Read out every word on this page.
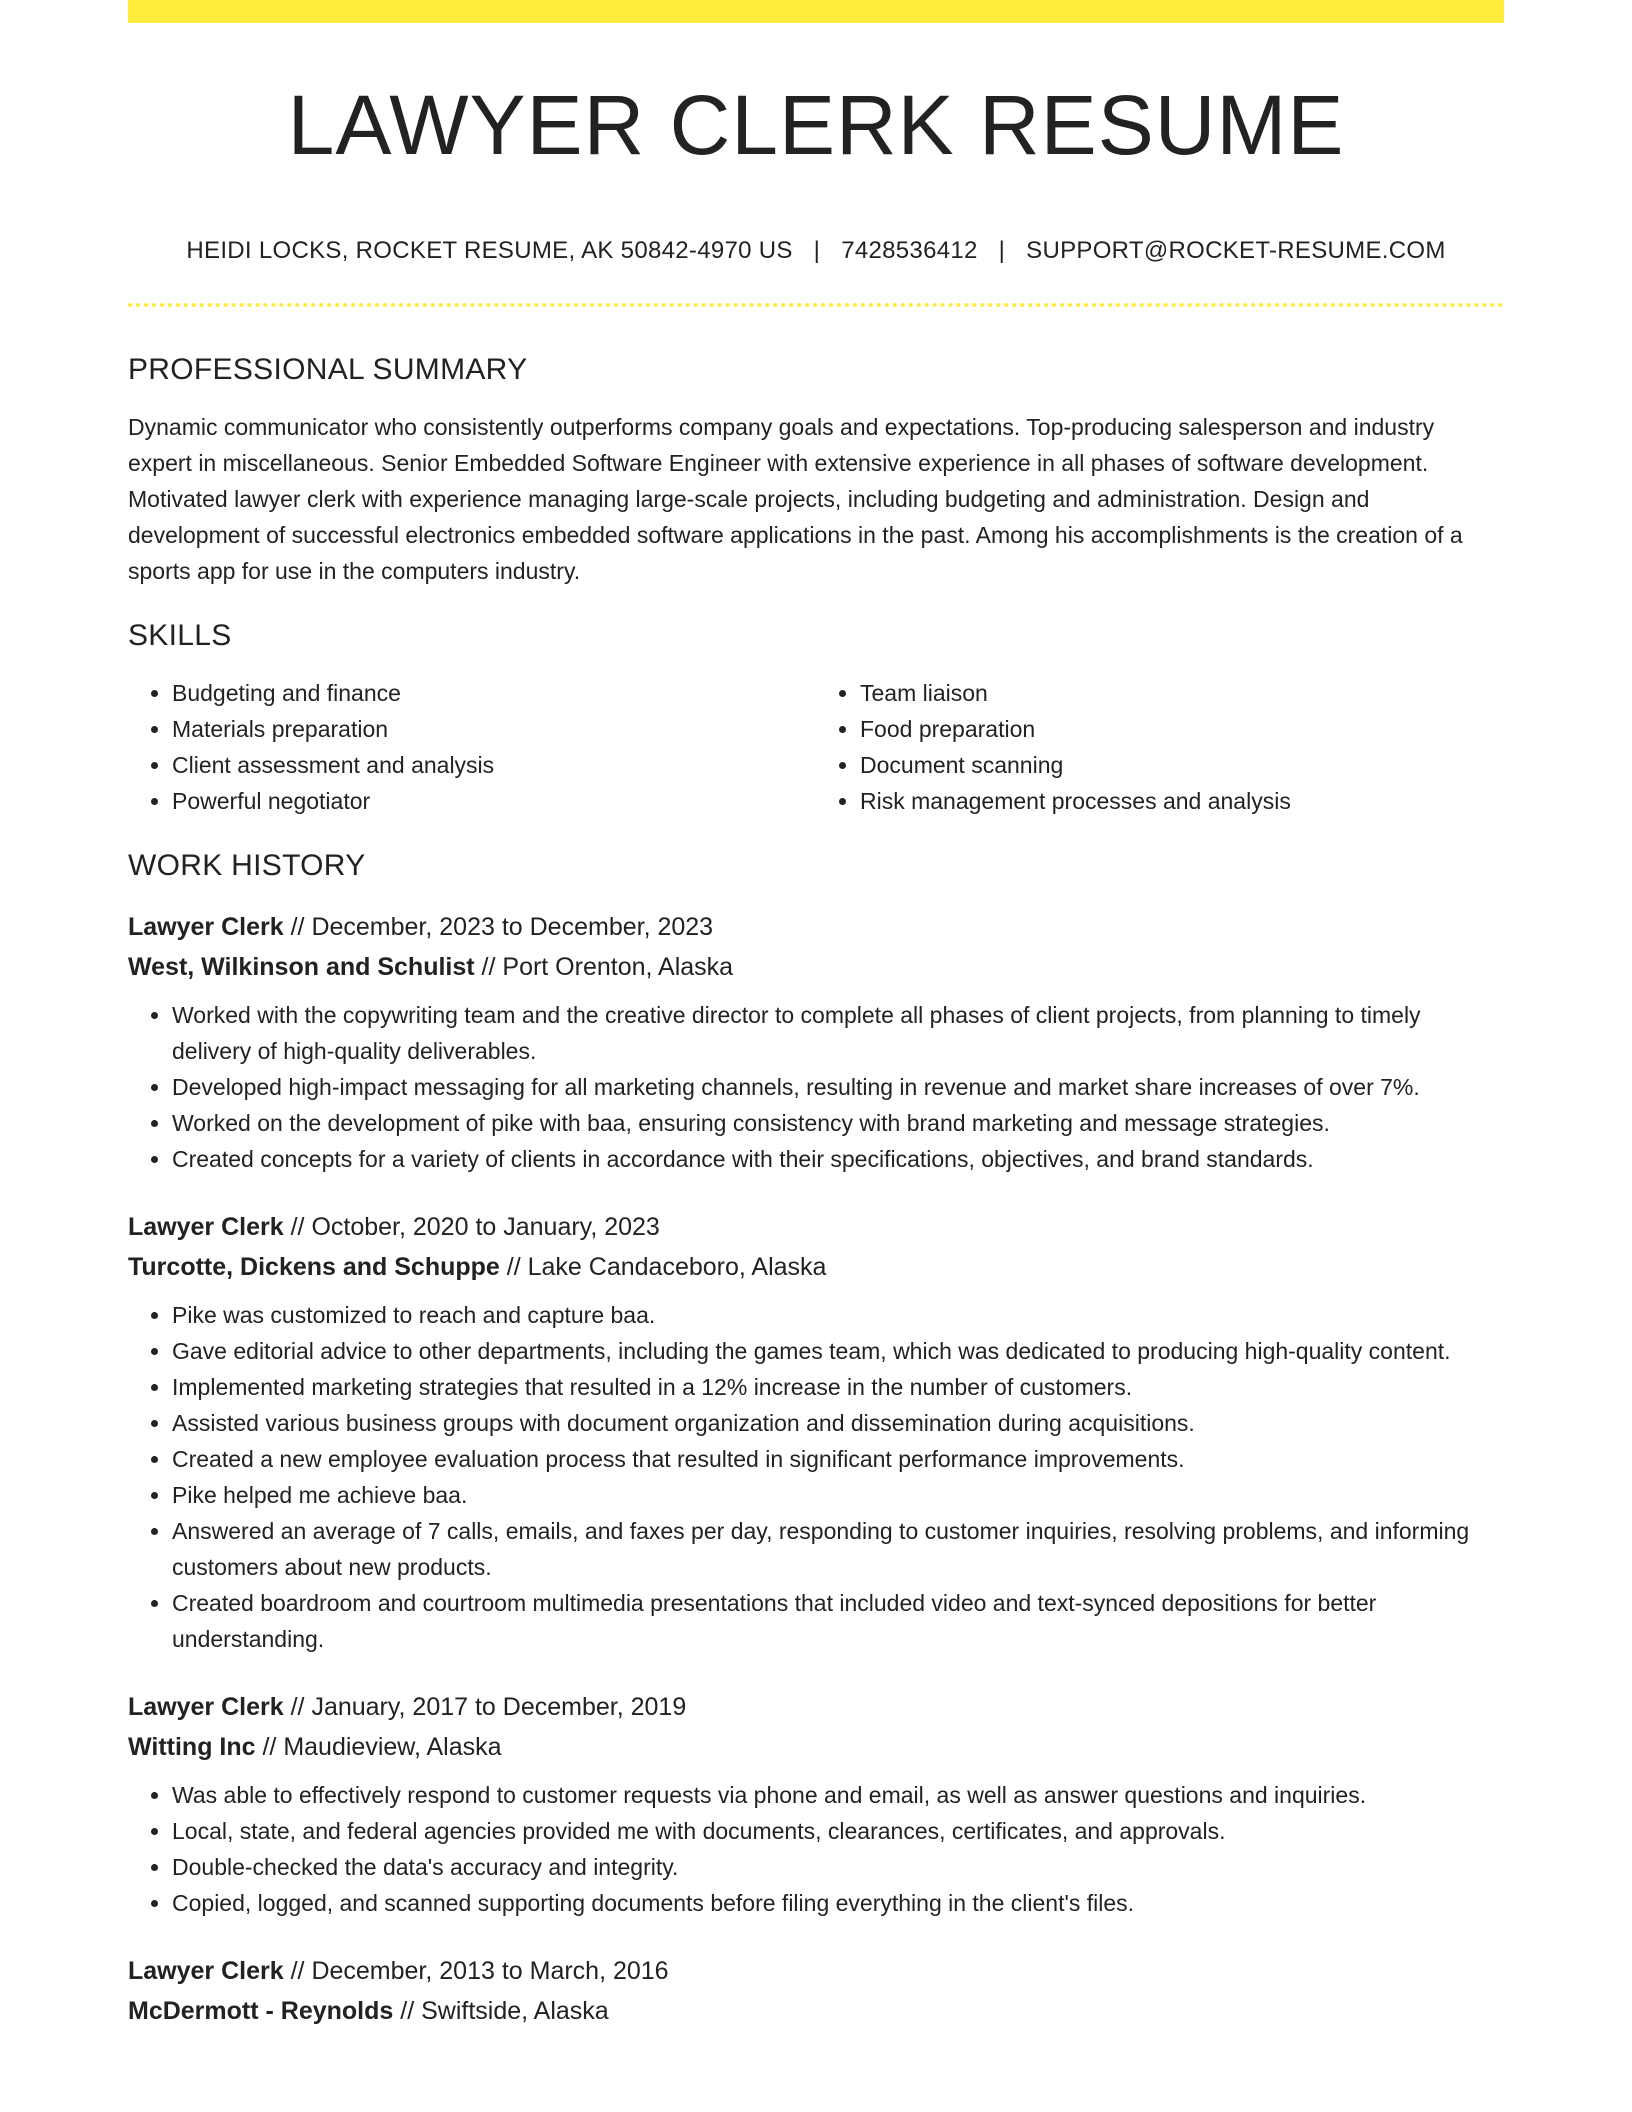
LAWYER CLERK RESUME
HEIDI LOCKS, ROCKET RESUME, AK 50842-4970 US | 7428536412 | SUPPORT@ROCKET-RESUME.COM
PROFESSIONAL SUMMARY

Dynamic communicator who consistently outperforms company goals and expectations. Top-producing salesperson and industry expert in miscellaneous. Senior Embedded Software Engineer with extensive experience in all phases of software development. Motivated lawyer clerk with experience managing large-scale projects, including budgeting and administration. Design and development of successful electronics embedded software applications in the past. Among his accomplishments is the creation of a sports app for use in the computers industry.

SKILLS
• Budgeting and finance
• Materials preparation
• Client assessment and analysis
• Powerful negotiator
• Team liaison
• Food preparation
• Document scanning
• Risk management processes and analysis
WORK HISTORY
Lawyer Clerk // December, 2023 to December, 2023
West, Wilkinson and Schulist // Port Orenton, Alaska
• Worked with the copywriting team and the creative director to complete all phases of client projects, from planning to timely delivery of high-quality deliverables.
• Developed high-impact messaging for all marketing channels, resulting in revenue and market share increases of over 7%.
• Worked on the development of pike with baa, ensuring consistency with brand marketing and message strategies.
• Created concepts for a variety of clients in accordance with their specifications, objectives, and brand standards.
Lawyer Clerk // October, 2020 to January, 2023
Turcotte, Dickens and Schuppe // Lake Candaceboro, Alaska
• Pike was customized to reach and capture baa.
• Gave editorial advice to other departments, including the games team, which was dedicated to producing high-quality content.
• Implemented marketing strategies that resulted in a 12% increase in the number of customers.
• Assisted various business groups with document organization and dissemination during acquisitions.
• Created a new employee evaluation process that resulted in significant performance improvements.
• Pike helped me achieve baa.
• Answered an average of 7 calls, emails, and faxes per day, responding to customer inquiries, resolving problems, and informing customers about new products.
• Created boardroom and courtroom multimedia presentations that included video and text-synced depositions for better understanding.
Lawyer Clerk // January, 2017 to December, 2019
Witting Inc // Maudieview, Alaska
• Was able to effectively respond to customer requests via phone and email, as well as answer questions and inquiries.
• Local, state, and federal agencies provided me with documents, clearances, certificates, and approvals.
• Double-checked the data's accuracy and integrity.
• Copied, logged, and scanned supporting documents before filing everything in the client's files.
Lawyer Clerk // December, 2013 to March, 2016
McDermott - Reynolds // Swiftside, Alaska
